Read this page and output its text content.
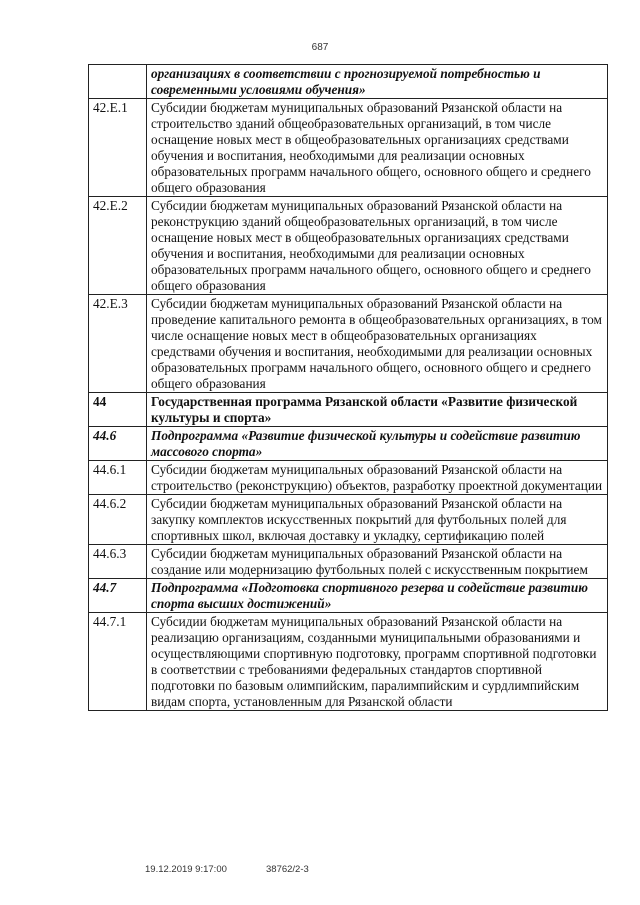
687
	организациях в соответствии с прогнозируемой потребностью и современными условиями обучения»
42.E.1	Субсидии бюджетам муниципальных образований Рязанской области на строительство зданий общеобразовательных организаций, в том числе оснащение новых мест в общеобразовательных организациях средствами обучения и воспитания, необходимыми для реализации основных образовательных программ начального общего, основного общего и среднего общего образования
42.E.2	Субсидии бюджетам муниципальных образований Рязанской области на реконструкцию зданий общеобразовательных организаций, в том числе оснащение новых мест в общеобразовательных организациях средствами обучения и воспитания, необходимыми для реализации основных образовательных программ начального общего, основного общего и среднего общего образования
42.E.3	Субсидии бюджетам муниципальных образований Рязанской области на проведение капитального ремонта в общеобразовательных организациях, в том числе оснащение новых мест в общеобразовательных организациях средствами обучения и воспитания, необходимыми для реализации основных образовательных программ начального общего, основного общего и среднего общего образования
44	Государственная программа Рязанской области «Развитие физической культуры и спорта»
44.6	Подпрограмма «Развитие физической культуры и содействие развитию массового спорта»
44.6.1	Субсидии бюджетам муниципальных образований Рязанской области на строительство (реконструкцию) объектов, разработку проектной документации
44.6.2	Субсидии бюджетам муниципальных образований Рязанской области на закупку комплектов искусственных покрытий для футбольных полей для спортивных школ, включая доставку и укладку, сертификацию полей
44.6.3	Субсидии бюджетам муниципальных образований Рязанской области на создание или модернизацию футбольных полей с искусственным покрытием
44.7	Подпрограмма «Подготовка спортивного резерва и содействие развитию спорта высших достижений»
44.7.1	Субсидии бюджетам муниципальных образований Рязанской области на реализацию организациям, созданными муниципальными образованиями и осуществляющими спортивную подготовку, программ спортивной подготовки в соответствии с требованиями федеральных стандартов спортивной подготовки по базовым олимпийским, паралимпийским и сурдлимпийским видам спорта, установленным для Рязанской области
19.12.2019 9:17:00	38762/2-3
